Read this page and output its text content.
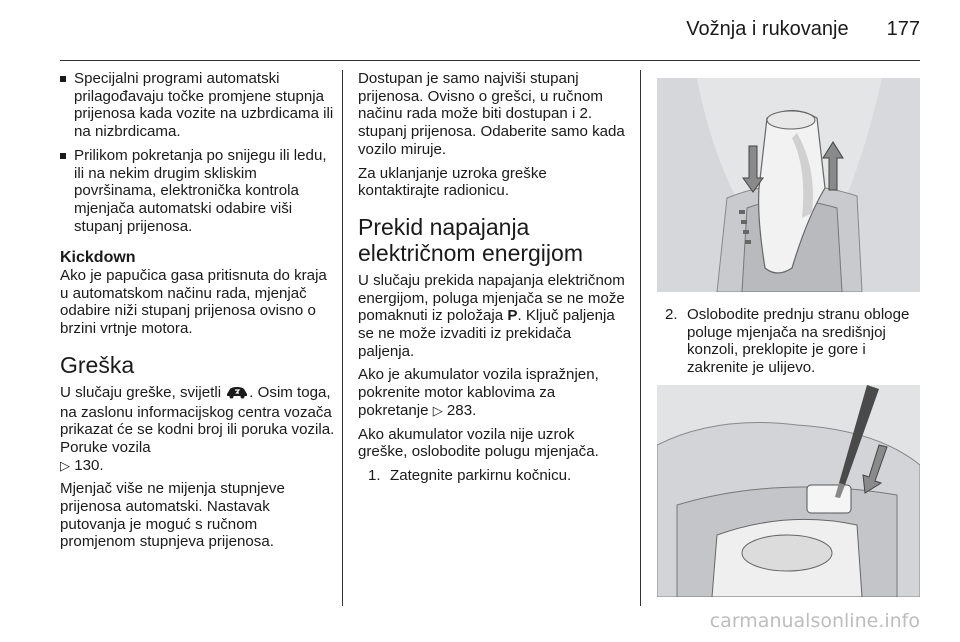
Vožnja i rukovanje 177
Specijalni programi automatski prilagođavaju točke promjene stupnja prijenosa kada vozite na uzbrdicama ili na nizbrdicama.
Prilikom pokretanja po snijegu ili ledu, ili na nekim drugim skliskim površinama, elektronička kontrola mjenjača automatski odabire viši stupanj prijenosa.
Kickdown

Ako je papučica gasa pritisnuta do kraja u automatskom načinu rada, mjenjač odabire niži stupanj prijenosa ovisno o brzini vrtnje motora.

Greška

U slučaju greške, svijetli . Osim toga, na zaslonu informacijskog centra vozača prikazat će se kodni broj ili poruka vozila. Poruke vozila
▷ 130.

Mjenjač više ne mijenja stupnjeve prijenosa automatski. Nastavak putovanja je moguć s ručnom promjenom stupnjeva prijenosa.

Dostupan je samo najviši stupanj prijenosa. Ovisno o grešci, u ručnom načinu rada može biti dostupan i 2. stupanj prijenosa. Odaberite samo kada vozilo miruje.

Za uklanjanje uzroka greške kontaktirajte radionicu.

Prekid napajanja električnom energijom

U slučaju prekida napajanja električnom energijom, poluga mjenjača se ne može pomaknuti iz položaja P. Ključ paljenja se ne može izvaditi iz prekidača paljenja.

Ako je akumulator vozila ispražnjen, pokrenite motor kablovima za pokretanje ▷ 283.

Ako akumulator vozila nije uzrok greške, oslobodite polugu mjenjača.

1. Zategnite parkirnu kočnicu.

2. Oslobodite prednju stranu obloge poluge mjenjača na središnjoj konzoli, preklopite je gore i zakrenite je ulijevo.

carmanualsonline.info
